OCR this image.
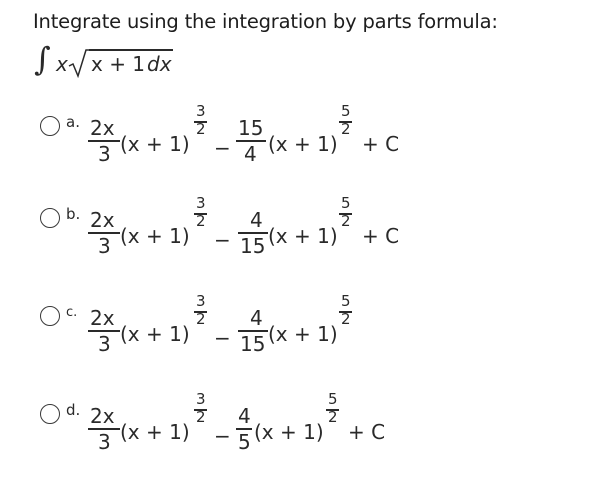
Integrate using the integration by parts formula:
∫ x x + 1 dx
a. 2x
3 (x + 1)
3
2
−
15
4 (x + 1)
5
2
+ C
b. 2x
3 (x + 1)
3
2
−
4
15 (x + 1)
5
2
+ C
c. 2x
3 (x + 1)
3
2
−
4
15 (x + 1)
5
2
d. 2x
3 (x + 1)
3
2
−
4
5 (x + 1)
5
2
+ C
